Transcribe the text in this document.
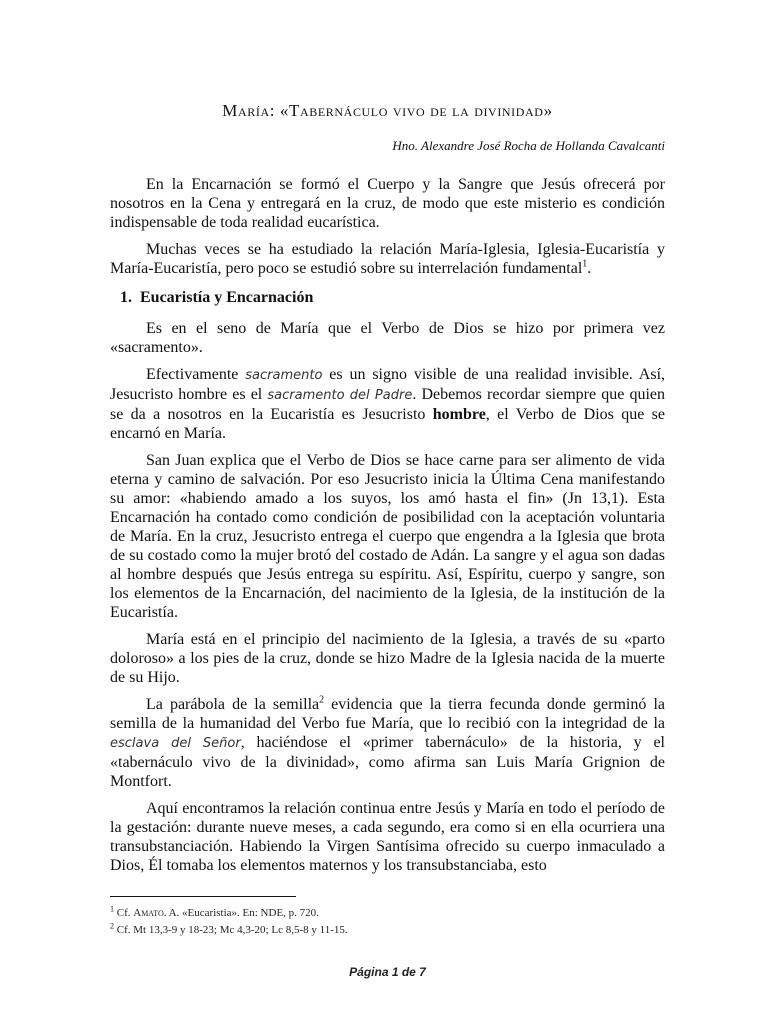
María: «Tabernáculo vivo de la divinidad»
Hno. Alexandre José Rocha de Hollanda Cavalcanti

En la Encarnación se formó el Cuerpo y la Sangre que Jesús ofrecerá por nosotros en la Cena y entregará en la cruz, de modo que este misterio es condición indispensable de toda realidad eucarística.

Muchas veces se ha estudiado la relación María-Iglesia, Iglesia-Eucaristía y María-Eucaristía, pero poco se estudió sobre su interrelación fundamental$^1$.

1. Eucaristía y Encarnación

Es en el seno de María que el Verbo de Dios se hizo por primera vez «sacramento».

Efectivamente sacramento es un signo visible de una realidad invisible. Así, Jesucristo hombre es el sacramento del Padre. Debemos recordar siempre que quien se da a nosotros en la Eucaristía es Jesucristo hombre, el Verbo de Dios que se encarnó en María.

San Juan explica que el Verbo de Dios se hace carne para ser alimento de vida eterna y camino de salvación. Por eso Jesucristo inicia la Última Cena manifestando su amor: «habiendo amado a los suyos, los amó hasta el fin» (Jn 13,1). Esta Encarnación ha contado como condición de posibilidad con la aceptación voluntaria de María. En la cruz, Jesucristo entrega el cuerpo que engendra a la Iglesia que brota de su costado como la mujer brotó del costado de Adán. La sangre y el agua son dadas al hombre después que Jesús entrega su espíritu. Así, Espíritu, cuerpo y sangre, son los elementos de la Encarnación, del nacimiento de la Iglesia, de la institución de la Eucaristía.

María está en el principio del nacimiento de la Iglesia, a través de su «parto doloroso» a los pies de la cruz, donde se hizo Madre de la Iglesia nacida de la muerte de su Hijo.

La parábola de la semilla$^2$ evidencia que la tierra fecunda donde germinó la semilla de la humanidad del Verbo fue María, que lo recibió con la integridad de la esclava del Señor, haciéndose el «primer tabernáculo» de la historia, y el «tabernáculo vivo de la divinidad», como afirma san Luis María Grignion de Montfort.

Aquí encontramos la relación continua entre Jesús y María en todo el período de la gestación: durante nueve meses, a cada segundo, era como si en ella ocurriera una transubstanciación. Habiendo la Virgen Santísima ofrecido su cuerpo inmaculado a Dios, Él tomaba los elementos maternos y los transubstanciaba, esto

$^1$ Cf. Amato. A. «Eucaristia». En: NDE, p. 720.
$^2$ Cf. Mt 13,3-9 y 18-23; Mc 4,3-20; Lc 8,5-8 y 11-15.
Página 1 de 7
